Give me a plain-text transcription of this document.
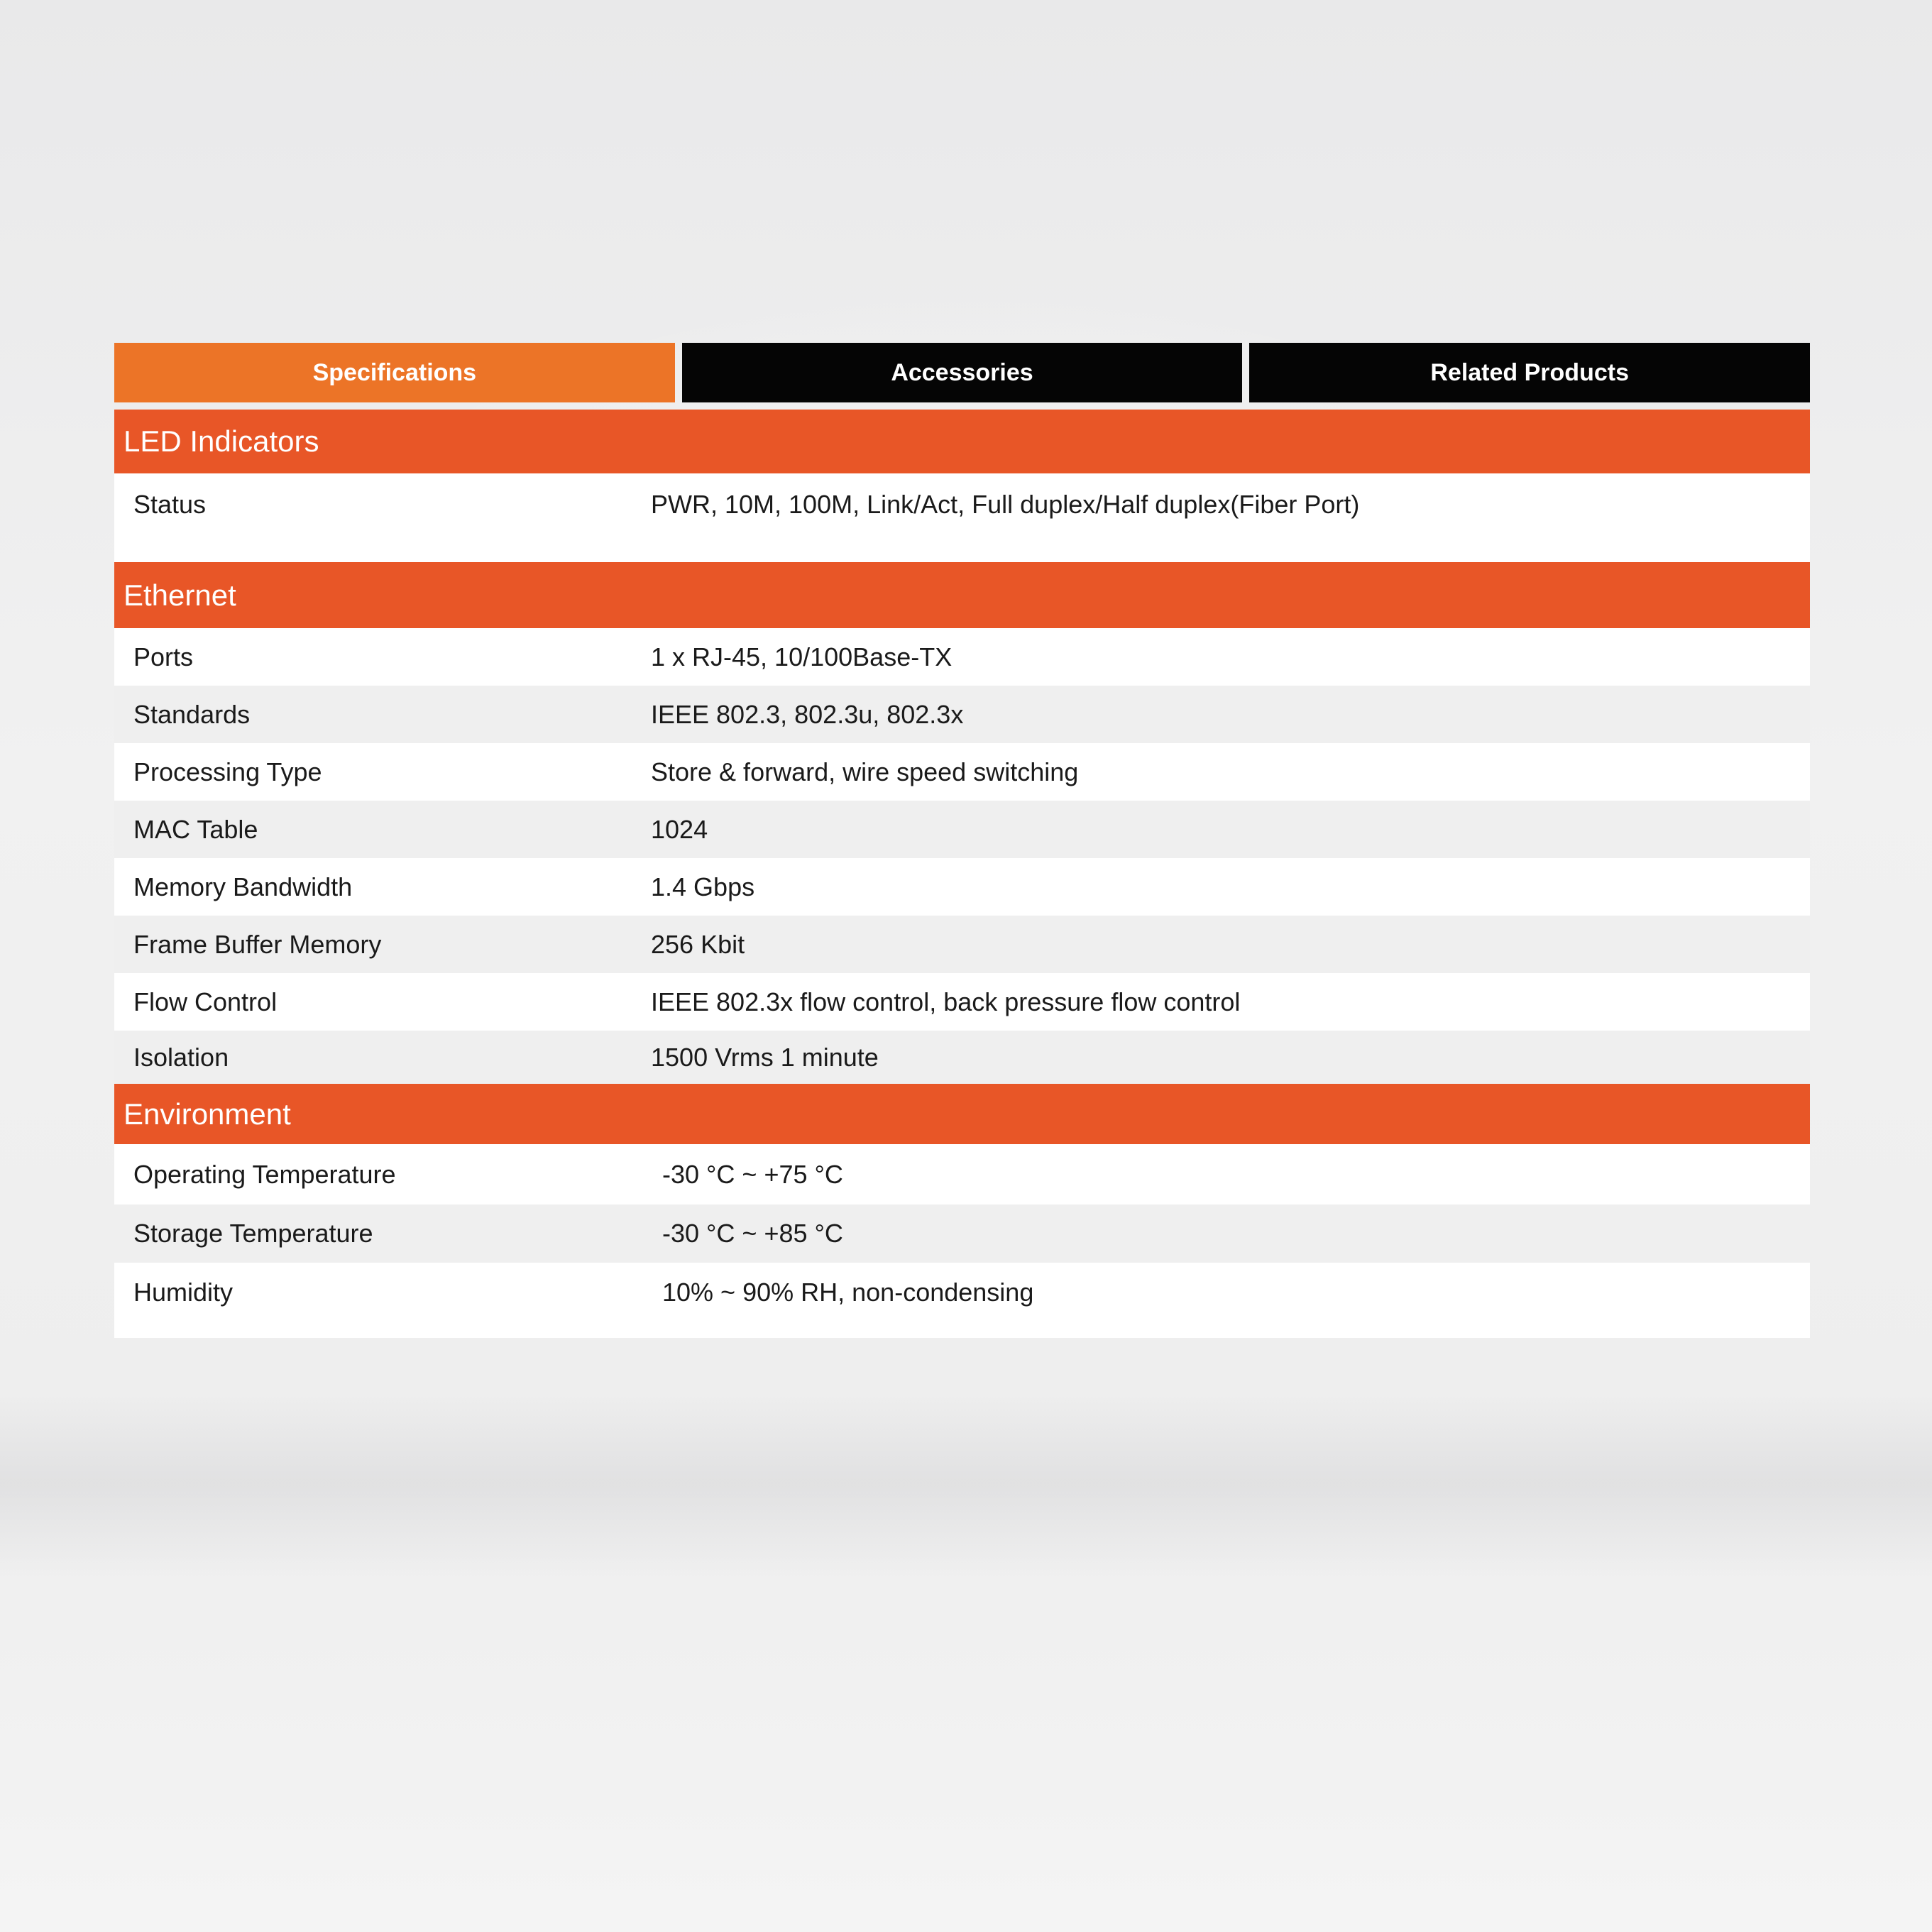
Specifications	Accessories	Related Products
LED Indicators
Status	PWR, 10M, 100M, Link/Act, Full duplex/Half duplex(Fiber Port)
Ethernet
Ports	1 x RJ-45, 10/100Base-TX
Standards	IEEE 802.3, 802.3u, 802.3x
Processing Type	Store & forward, wire speed switching
MAC Table	1024
Memory Bandwidth	1.4 Gbps
Frame Buffer Memory	256 Kbit
Flow Control	IEEE 802.3x flow control, back pressure flow control
Isolation	1500 Vrms 1 minute
Environment
Operating Temperature	-30 °C ~ +75 °C
Storage Temperature	-30 °C ~ +85 °C
Humidity	10% ~ 90% RH, non-condensing
